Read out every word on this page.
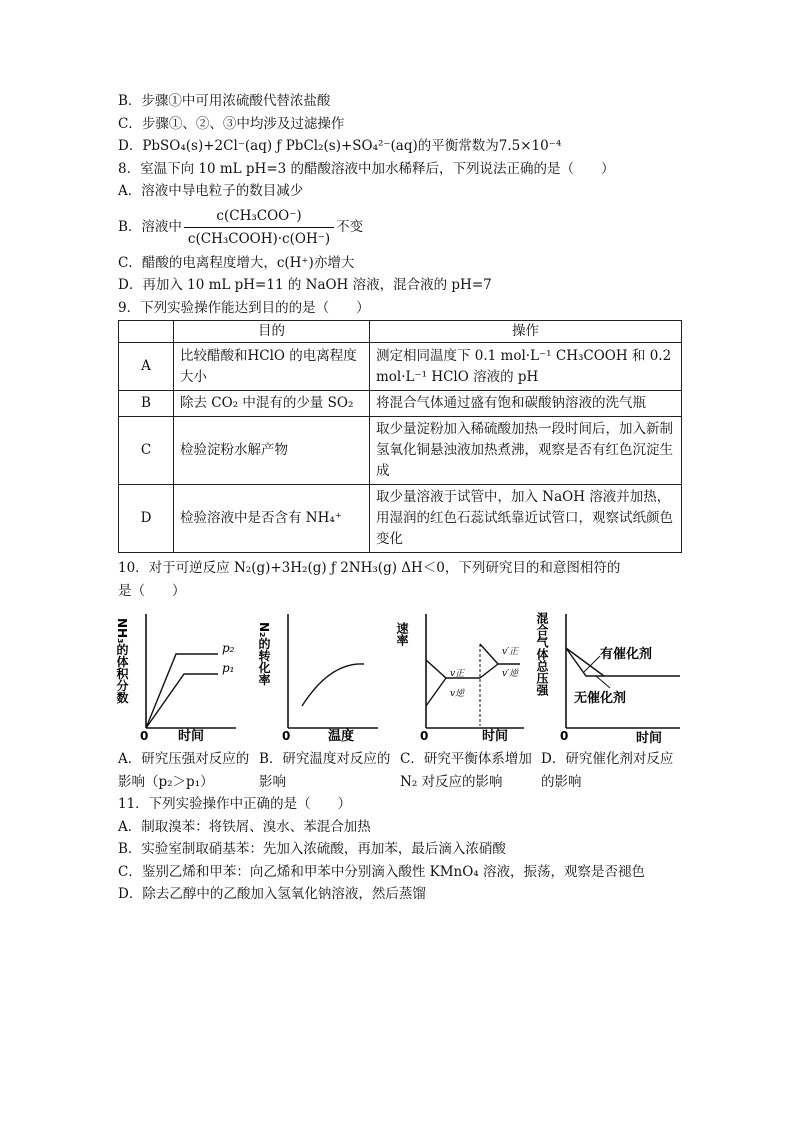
B．步骤①中可用浓硫酸代替浓盐酸
C．步骤①、②、③中均涉及过滤操作
D．PbSO₄(s)+2Cl⁻(aq) ƒ PbCl₂(s)+SO₄²⁻(aq)的平衡常数为7.5×10⁻⁴
8．室温下向 10 mL pH=3 的醋酸溶液中加水稀释后，下列说法正确的是（　　）
A．溶液中导电粒子的数目减少
B．溶液中 $\frac{\text{c(CH₃COO⁻)}}{\text{c(CH₃COOH)·c(OH⁻)}}$ 不变
C．醋酸的电离程度增大，c(H⁺)亦增大
D．再加入 10 mL pH=11 的 NaOH 溶液，混合液的 pH=7
9．下列实验操作能达到目的的是（　　）
	目的	操作
A	比较醋酸和HClO 的电离程度大小	测定相同温度下 0.1 mol·L⁻¹ CH₃COOH 和 0.2 mol·L⁻¹ HClO 溶液的 pH
B	除去 CO₂ 中混有的少量 SO₂	将混合气体通过盛有饱和碳酸钠溶液的洗气瓶
C	检验淀粉水解产物	取少量淀粉加入稀硫酸加热一段时间后，加入新制氢氧化铜悬浊液加热煮沸，观察是否有红色沉淀生成
D	检验溶液中是否含有 NH₄⁺	取少量溶液于试管中，加入 NaOH 溶液并加热，用湿润的红色石蕊试纸靠近试管口，观察试纸颜色变化
10．对于可逆反应 N₂(g)+3H₂(g) ƒ 2NH₃(g) ΔH＜0，下列研究目的和意图相符的
是（　　）
NH₃的体积分数	p₂
p₁
0 时间
N₂的转化率
0	温度
速率
v正
v逆
v′正
v′逆
0	时间
混合气体总压强	有催化剂
无催化剂
0	时间
A．研究压强对反应的影响（p₂＞p₁）
B．研究温度对反应的影响
C．研究平衡体系增加 N₂ 对反应的影响
D．研究催化剂对反应的影响
11．下列实验操作中正确的是（　　）
A．制取溴苯：将铁屑、溴水、苯混合加热
B．实验室制取硝基苯：先加入浓硫酸，再加苯，最后滴入浓硝酸
C．鉴别乙烯和甲苯：向乙烯和甲苯中分别滴入酸性 KMnO₄ 溶液，振荡，观察是否褪色
D．除去乙醇中的乙酸加入氢氧化钠溶液，然后蒸馏
